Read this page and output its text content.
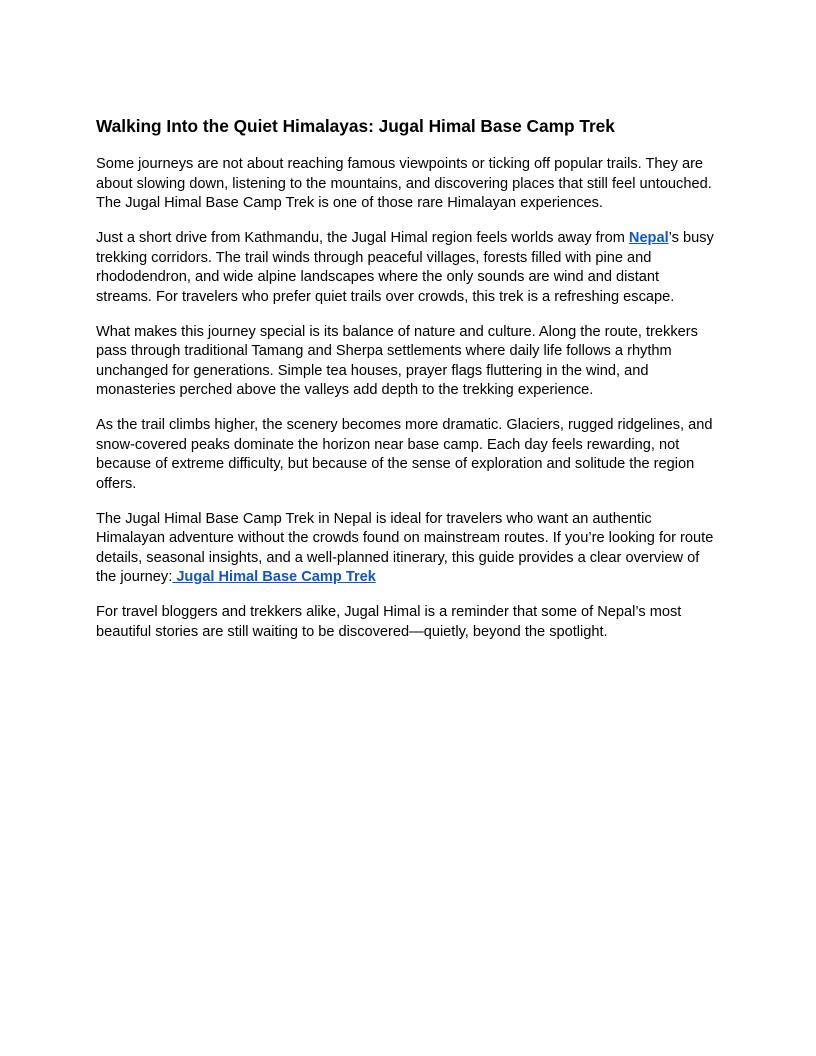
Walking Into the Quiet Himalayas: Jugal Himal Base Camp Trek

Some journeys are not about reaching famous viewpoints or ticking off popular trails. They are
about slowing down, listening to the mountains, and discovering places that still feel untouched.
The Jugal Himal Base Camp Trek is one of those rare Himalayan experiences.

Just a short drive from Kathmandu, the Jugal Himal region feels worlds away from Nepal’s busy
trekking corridors. The trail winds through peaceful villages, forests filled with pine and
rhododendron, and wide alpine landscapes where the only sounds are wind and distant
streams. For travelers who prefer quiet trails over crowds, this trek is a refreshing escape.

What makes this journey special is its balance of nature and culture. Along the route, trekkers
pass through traditional Tamang and Sherpa settlements where daily life follows a rhythm
unchanged for generations. Simple tea houses, prayer flags fluttering in the wind, and
monasteries perched above the valleys add depth to the trekking experience.

As the trail climbs higher, the scenery becomes more dramatic. Glaciers, rugged ridgelines, and
snow-covered peaks dominate the horizon near base camp. Each day feels rewarding, not
because of extreme difficulty, but because of the sense of exploration and solitude the region
offers.

The Jugal Himal Base Camp Trek in Nepal is ideal for travelers who want an authentic
Himalayan adventure without the crowds found on mainstream routes. If you’re looking for route
details, seasonal insights, and a well-planned itinerary, this guide provides a clear overview of
the journey: Jugal Himal Base Camp Trek

For travel bloggers and trekkers alike, Jugal Himal is a reminder that some of Nepal’s most
beautiful stories are still waiting to be discovered—quietly, beyond the spotlight.
